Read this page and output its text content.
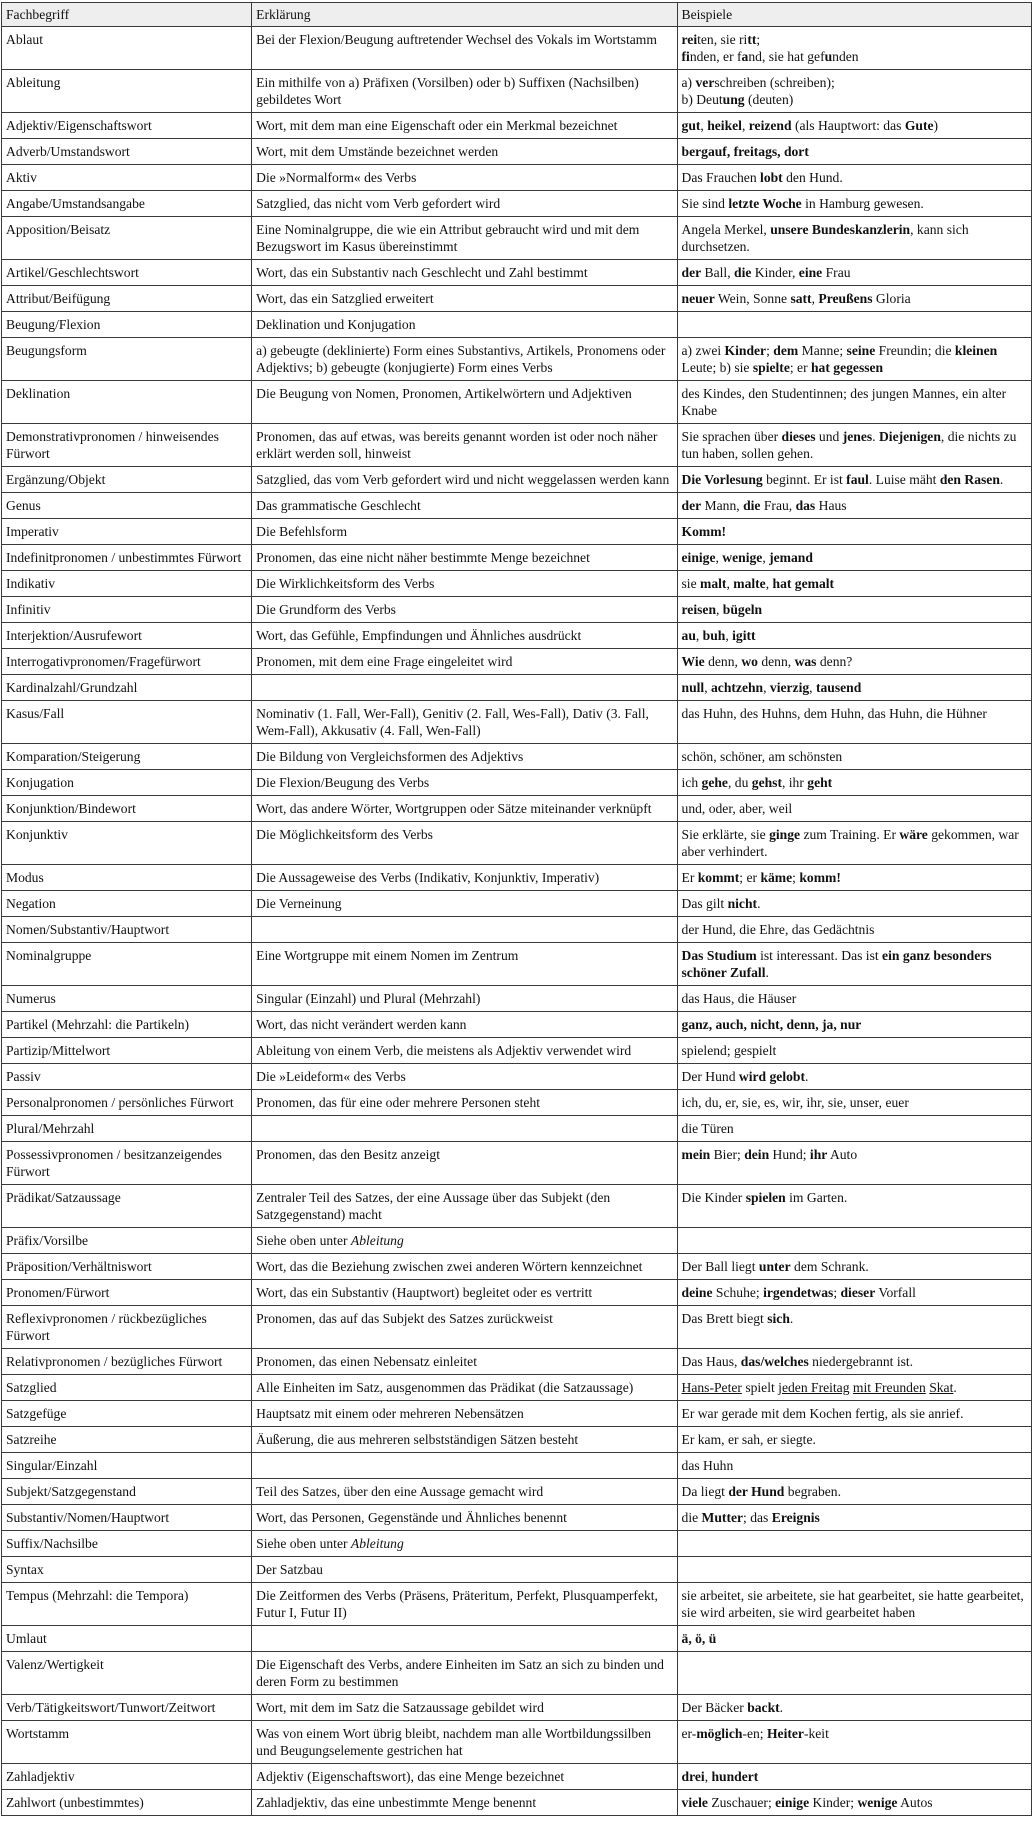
Fachbegriff	Erklärung	Beispiele
Ablaut	Bei der Flexion/Beugung auftretender Wechsel des Vokals im Wortstamm	reiten, sie ritt;
finden, er fand, sie hat gefunden
Ableitung	Ein mithilfe von a) Präfixen (Vorsilben) oder b) Suffixen (Nachsilben) gebildetes Wort	a) verschreiben (schreiben);
b) Deutung (deuten)
Adjektiv/Eigenschaftswort	Wort, mit dem man eine Eigenschaft oder ein Merkmal bezeichnet	gut, heikel, reizend (als Hauptwort: das Gute)
Adverb/Umstandswort	Wort, mit dem Umstände bezeichnet werden	bergauf, freitags, dort
Aktiv	Die »Normalform« des Verbs	Das Frauchen lobt den Hund.
Angabe/Umstandsangabe	Satzglied, das nicht vom Verb gefordert wird	Sie sind letzte Woche in Hamburg gewesen.
Apposition/Beisatz	Eine Nominalgruppe, die wie ein Attribut gebraucht wird und mit dem Bezugswort im Kasus übereinstimmt	Angela Merkel, unsere Bundeskanzlerin, kann sich durchsetzen.
Artikel/Geschlechtswort	Wort, das ein Substantiv nach Geschlecht und Zahl bestimmt	der Ball, die Kinder, eine Frau
Attribut/Beifügung	Wort, das ein Satzglied erweitert	neuer Wein, Sonne satt, Preußens Gloria
Beugung/Flexion	Deklination und Konjugation	
Beugungsform	a) gebeugte (deklinierte) Form eines Substantivs, Artikels, Pronomens oder Adjektivs; b) gebeugte (konjugierte) Form eines Verbs	a) zwei Kinder; dem Manne; seine Freundin; die kleinen Leute; b) sie spielte; er hat gegessen
Deklination	Die Beugung von Nomen, Pronomen, Artikelwörtern und Adjektiven	des Kindes, den Studentinnen; des jungen Mannes, ein alter Knabe
Demonstrativpronomen / hinweisendes Fürwort	Pronomen, das auf etwas, was bereits genannt worden ist oder noch näher erklärt werden soll, hinweist	Sie sprachen über dieses und jenes. Diejenigen, die nichts zu tun haben, sollen gehen.
Ergänzung/Objekt	Satzglied, das vom Verb gefordert wird und nicht weggelassen werden kann	Die Vorlesung beginnt. Er ist faul. Luise mäht den Rasen.
Genus	Das grammatische Geschlecht	der Mann, die Frau, das Haus
Imperativ	Die Befehlsform	Komm!
Indefinitpronomen / unbestimmtes Fürwort	Pronomen, das eine nicht näher bestimmte Menge bezeichnet	einige, wenige, jemand
Indikativ	Die Wirklichkeitsform des Verbs	sie malt, malte, hat gemalt
Infinitiv	Die Grundform des Verbs	reisen, bügeln
Interjektion/Ausrufewort	Wort, das Gefühle, Empfindungen und Ähnliches ausdrückt	au, buh, igitt
Interrogativpronomen/Fragefürwort	Pronomen, mit dem eine Frage eingeleitet wird	Wie denn, wo denn, was denn?
Kardinalzahl/Grundzahl		null, achtzehn, vierzig, tausend
Kasus/Fall	Nominativ (1. Fall, Wer-Fall), Genitiv (2. Fall, Wes-Fall), Dativ (3. Fall, Wem-Fall), Akkusativ (4. Fall, Wen-Fall)	das Huhn, des Huhns, dem Huhn, das Huhn, die Hühner
Komparation/Steigerung	Die Bildung von Vergleichsformen des Adjektivs	schön, schöner, am schönsten
Konjugation	Die Flexion/Beugung des Verbs	ich gehe, du gehst, ihr geht
Konjunktion/Bindewort	Wort, das andere Wörter, Wortgruppen oder Sätze miteinander verknüpft	und, oder, aber, weil
Konjunktiv	Die Möglichkeitsform des Verbs	Sie erklärte, sie ginge zum Training. Er wäre gekommen, war aber verhindert.
Modus	Die Aussageweise des Verbs (Indikativ, Konjunktiv, Imperativ)	Er kommt; er käme; komm!
Negation	Die Verneinung	Das gilt nicht.
Nomen/Substantiv/Hauptwort		der Hund, die Ehre, das Gedächtnis
Nominalgruppe	Eine Wortgruppe mit einem Nomen im Zentrum	Das Studium ist interessant. Das ist ein ganz besonders schöner Zufall.
Numerus	Singular (Einzahl) und Plural (Mehrzahl)	das Haus, die Häuser
Partikel (Mehrzahl: die Partikeln)	Wort, das nicht verändert werden kann	ganz, auch, nicht, denn, ja, nur
Partizip/Mittelwort	Ableitung von einem Verb, die meistens als Adjektiv verwendet wird	spielend; gespielt
Passiv	Die »Leideform« des Verbs	Der Hund wird gelobt.
Personalpronomen / persönliches Fürwort	Pronomen, das für eine oder mehrere Personen steht	ich, du, er, sie, es, wir, ihr, sie, unser, euer
Plural/Mehrzahl		die Türen
Possessivpronomen / besitzanzeigendes Fürwort	Pronomen, das den Besitz anzeigt	mein Bier; dein Hund; ihr Auto
Prädikat/Satzaussage	Zentraler Teil des Satzes, der eine Aussage über das Subjekt (den Satzgegenstand) macht	Die Kinder spielen im Garten.
Präfix/Vorsilbe	Siehe oben unter Ableitung	
Präposition/Verhältniswort	Wort, das die Beziehung zwischen zwei anderen Wörtern kennzeichnet	Der Ball liegt unter dem Schrank.
Pronomen/Fürwort	Wort, das ein Substantiv (Hauptwort) begleitet oder es vertritt	deine Schuhe; irgendetwas; dieser Vorfall
Reflexivpronomen / rückbezügliches Fürwort	Pronomen, das auf das Subjekt des Satzes zurückweist	Das Brett biegt sich.
Relativpronomen / bezügliches Fürwort	Pronomen, das einen Nebensatz einleitet	Das Haus, das/welches niedergebrannt ist.
Satzglied	Alle Einheiten im Satz, ausgenommen das Prädikat (die Satzaussage)	Hans-Peter spielt jeden Freitag mit Freunden Skat.
Satzgefüge	Hauptsatz mit einem oder mehreren Nebensätzen	Er war gerade mit dem Kochen fertig, als sie anrief.
Satzreihe	Äußerung, die aus mehreren selbstständigen Sätzen besteht	Er kam, er sah, er siegte.
Singular/Einzahl		das Huhn
Subjekt/Satzgegenstand	Teil des Satzes, über den eine Aussage gemacht wird	Da liegt der Hund begraben.
Substantiv/Nomen/Hauptwort	Wort, das Personen, Gegenstände und Ähnliches benennt	die Mutter; das Ereignis
Suffix/Nachsilbe	Siehe oben unter Ableitung	
Syntax	Der Satzbau	
Tempus (Mehrzahl: die Tempora)	Die Zeitformen des Verbs (Präsens, Präteritum, Perfekt, Plusquamperfekt, Futur I, Futur II)	sie arbeitet, sie arbeitete, sie hat gearbeitet, sie hatte gearbeitet, sie wird arbeiten, sie wird gearbeitet haben
Umlaut		ä, ö, ü
Valenz/Wertigkeit	Die Eigenschaft des Verbs, andere Einheiten im Satz an sich zu binden und deren Form zu bestimmen	
Verb/Tätigkeitswort/Tunwort/Zeitwort	Wort, mit dem im Satz die Satzaussage gebildet wird	Der Bäcker backt.
Wortstamm	Was von einem Wort übrig bleibt, nachdem man alle Wortbildungssilben und Beugungselemente gestrichen hat	er-möglich-en; Heiter-keit
Zahladjektiv	Adjektiv (Eigenschaftswort), das eine Menge bezeichnet	drei, hundert
Zahlwort (unbestimmtes)	Zahladjektiv, das eine unbestimmte Menge benennt	viele Zuschauer; einige Kinder; wenige Autos
